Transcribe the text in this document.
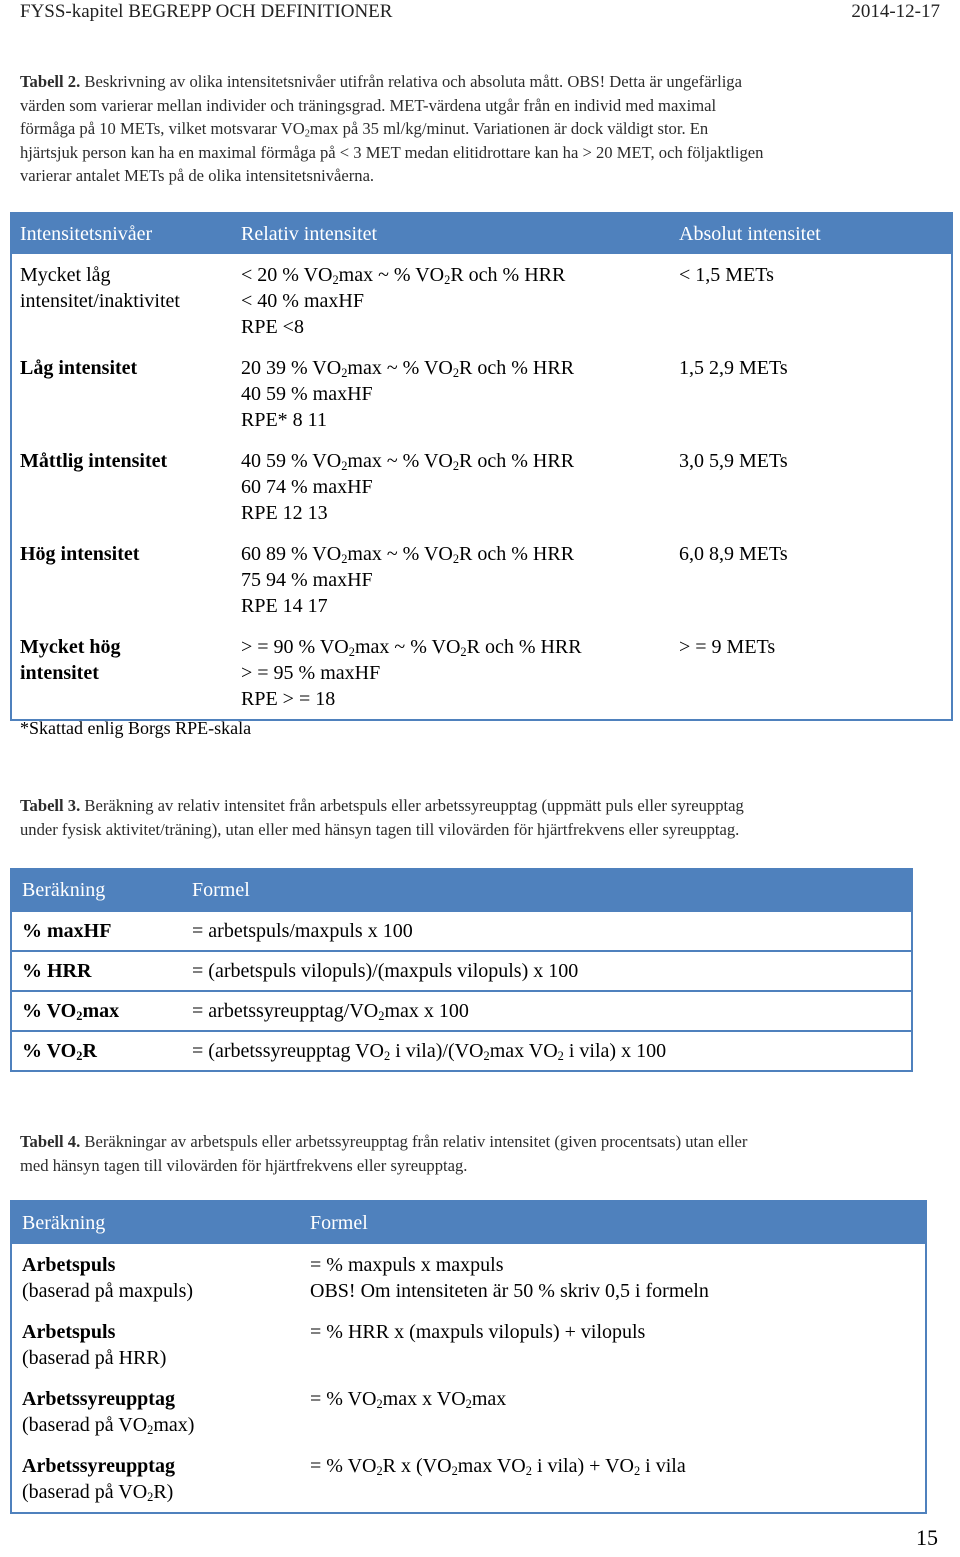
FYSS-kapitel BEGREPP OCH DEFINITIONER	2014-12-17
Tabell 2. Beskrivning av olika intensitetsnivåer utifrån relativa och absoluta mått. OBS! Detta är ungefärliga
värden som varierar mellan individer och träningsgrad. MET-värdena utgår från en individ med maximal
förmåga på 10 METs, vilket motsvarar $VO_2\max$ på 35 ml/kg/minut. Variationen är dock väldigt stor. En
hjärtsjuk person kan ha en maximal förmåga på < 3 MET medan elitidrottare kan ha > 20 MET, och följaktligen
varierar antalet METs på de olika intensitetsnivåerna.
Intensitetsnivåer	Relativ intensitet	Absolut intensitet
Mycket låg
intensitet/inaktivitet	< 20 % $VO_2\max$ ~ % $VO_2R$ och % HRR
< 40 % maxHF
RPE <8	< 1,5 METs
Låg intensitet	20 39 % $VO_2\max$ ~ % $VO_2R$ och % HRR
40 59 % maxHF
RPE* 8 11	1,5 2,9 METs
Måttlig intensitet	40 59 % $VO_2\max$ ~ % $VO_2R$ och % HRR
60 74 % maxHF
RPE 12 13	3,0 5,9 METs
Hög intensitet	60 89 % $VO_2\max$ ~ % $VO_2R$ och % HRR
75 94 % maxHF
RPE 14 17	6,0 8,9 METs
Mycket hög
intensitet	> = 90 % $VO_2\max$ ~ % $VO_2R$ och % HRR
> = 95 % maxHF
RPE > = 18	> = 9 METs
*Skattad enlig Borgs RPE-skala
Tabell 3. Beräkning av relativ intensitet från arbetspuls eller arbetssyreupptag (uppmätt puls eller syreupptag
under fysisk aktivitet/träning), utan eller med hänsyn tagen till vilovärden för hjärtfrekvens eller syreupptag.
Beräkning	Formel
% maxHF	= arbetspuls/maxpuls x 100
% HRR	= (arbetspuls vilopuls)/(maxpuls vilopuls) x 100
% $VO_2\max$	= arbetssyreupptag/$VO_2\max$ x 100
% $VO_2R$	= (arbetssyreupptag $VO_2$ i $vila)/(VO_2\max$ $VO_2$ i vila) x 100
Tabell 4. Beräkningar av arbetspuls eller arbetssyreupptag från relativ intensitet (given procentsats) utan eller
med hänsyn tagen till vilovärden för hjärtfrekvens eller syreupptag.
Beräkning	Formel
Arbetspuls
(baserad på maxpuls)	= % maxpuls x maxpuls
OBS! Om intensiteten är 50 % skriv 0,5 i formeln
Arbetspuls
(baserad på HRR)	= % HRR x (maxpuls vilopuls) + vilopuls
Arbetssyreupptag
(baserad på $VO_2\max$)	= % $VO_2\max$ x $VO_2\max$
Arbetssyreupptag
(baserad på $VO_2R$)	= % $VO_2R$ x ($VO_2\max$ $VO_2$ i vila) + $VO_2$ i vila
15
